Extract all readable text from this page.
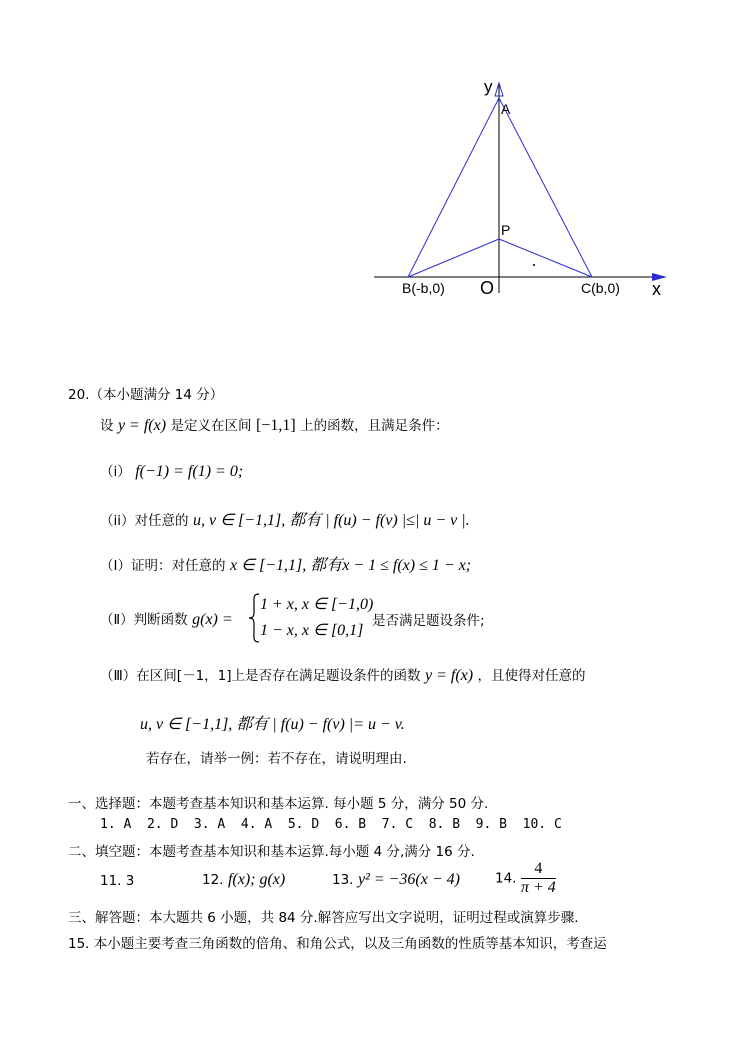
y
A
P
B(-b,0) O	C(b,0) x
20.（本小题满分 14 分）
设 y = f(x) 是定义在区间 [−1,1] 上的函数，且满足条件：
（i） f(−1) = f(1) = 0;
（ii）对任意的 u, v ∈ [−1,1], 都有 | f(u) − f(v) |≤| u − v |.
（Ⅰ）证明：对任意的 x ∈ [−1,1], 都有x − 1 ≤ f(x) ≤ 1 − x;
（Ⅱ）判断函数 g(x) =
1 + x, x ∈ [−1,0)
1 − x, x ∈ [0,1]
是否满足题设条件;
（Ⅲ）在区间[－1，1]上是否存在满足题设条件的函数 y = f(x) ，且使得对任意的
u, v ∈ [−1,1], 都有 | f(u) − f(v) |= u − v.
若存在，请举一例：若不存在，请说明理由.
一、选择题：本题考查基本知识和基本运算. 每小题 5 分，满分 50 分.
1. A  2. D  3. A  4. A  5. D  6. B  7. C  8. B  9. B  10. C
二、填空题：本题考查基本知识和基本运算.每小题 4 分,满分 16 分.
11. 3	12. f(x); g(x)	13. y² = −36(x − 4)	14. $\frac{4}{\pi + 4}$
三、解答题：本大题共 6 小题，共 84 分.解答应写出文字说明，证明过程或演算步骤.
15. 本小题主要考查三角函数的倍角、和角公式，以及三角函数的性质等基本知识，考查运
